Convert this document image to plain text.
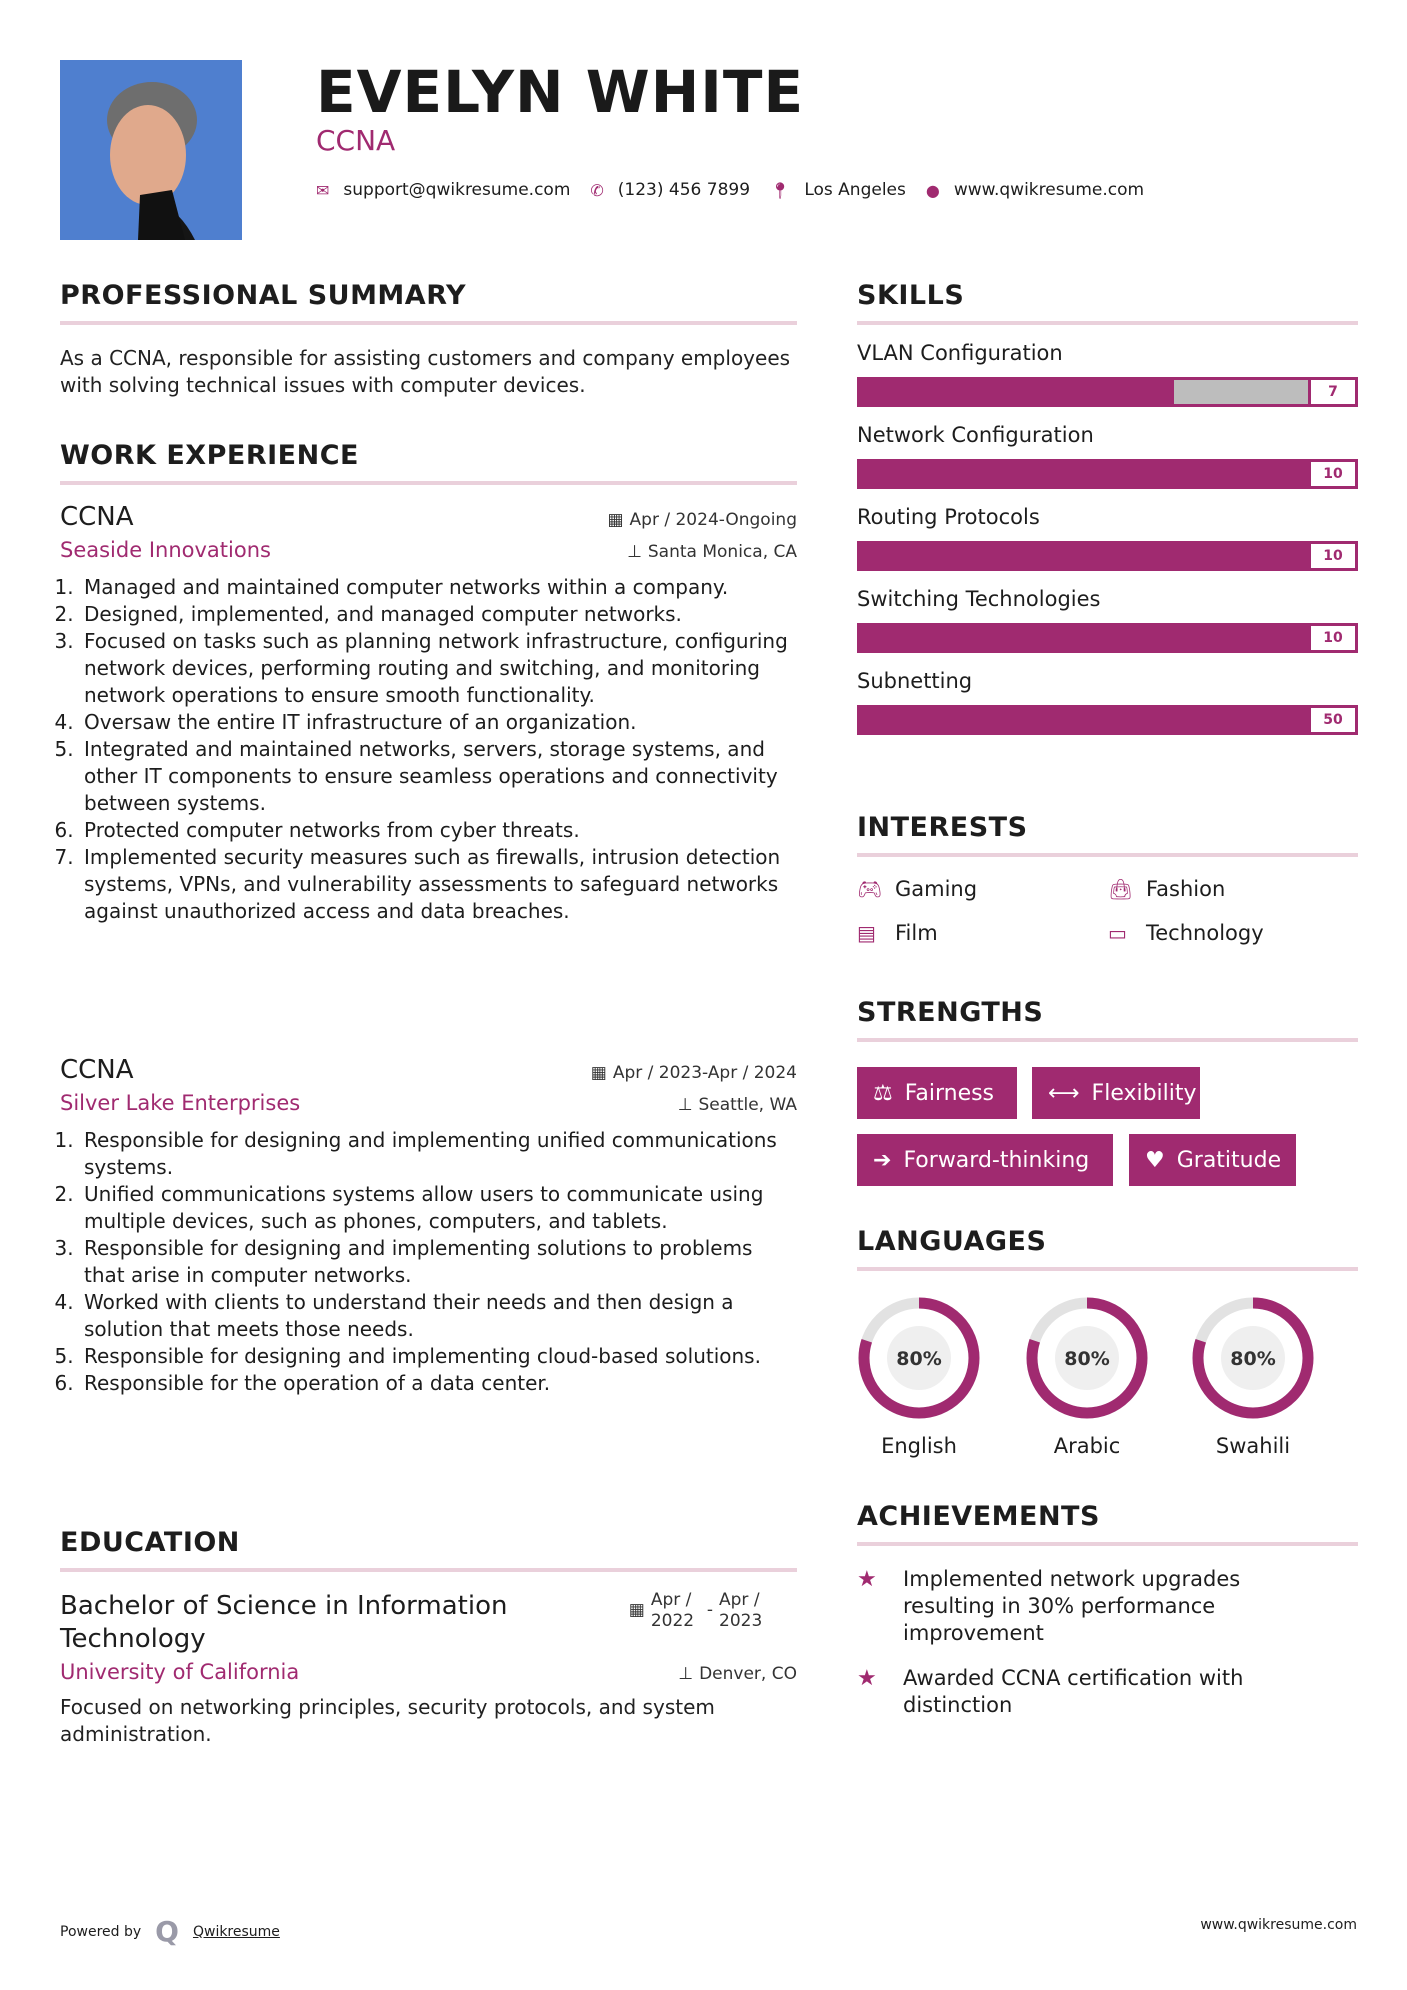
EVELYN WHITE
CCNA
✉ support@qwikresume.com ✆ (123) 456 7899 📍︎ Los Angeles ● www.qwikresume.com
PROFESSIONAL SUMMARY
As a CCNA, responsible for assisting customers and company employees with solving technical issues with computer devices.
WORK EXPERIENCE
CCNA	▦ Apr / 2024-Ongoing
Seaside Innovations	⊥ Santa Monica, CA
1. Managed and maintained computer networks within a company.
2. Designed, implemented, and managed computer networks.
3. Focused on tasks such as planning network infrastructure, configuring network devices, performing routing and switching, and monitoring network operations to ensure smooth functionality.
4. Oversaw the entire IT infrastructure of an organization.
5. Integrated and maintained networks, servers, storage systems, and other IT components to ensure seamless operations and connectivity between systems.
6. Protected computer networks from cyber threats.
7. Implemented security measures such as firewalls, intrusion detection systems, VPNs, and vulnerability assessments to safeguard networks against unauthorized access and data breaches.
CCNA	▦ Apr / 2023-Apr / 2024
Silver Lake Enterprises	⊥ Seattle, WA
1. Responsible for designing and implementing unified communications systems.
2. Unified communications systems allow users to communicate using multiple devices, such as phones, computers, and tablets.
3. Responsible for designing and implementing solutions to problems that arise in computer networks.
4. Worked with clients to understand their needs and then design a solution that meets those needs.
5. Responsible for designing and implementing cloud-based solutions.
6. Responsible for the operation of a data center.
EDUCATION
Bachelor of Science in Information Technology
▦ Apr / 2022
- Apr / 2023
University of California	⊥ Denver, CO
Focused on networking principles, security protocols, and system administration.
SKILLS
VLAN Configuration
7
Network Configuration
10
Routing Protocols
10
Switching Technologies
10
Subnetting
50
INTERESTS
🎮︎ Gaming	👜︎ Fashion
▤ Film	▭ Technology
STRENGTHS
⚖ Fairness ⟷ Flexibility
➔ Forward-thinking	♥ Gratitude
LANGUAGES
80%
English
80%
Arabic
80%
Swahili
ACHIEVEMENTS
★	Implemented network upgrades resulting in 30% performance improvement
★	Awarded CCNA certification with distinction
Powered by Q Qwikresume	www.qwikresume.com
